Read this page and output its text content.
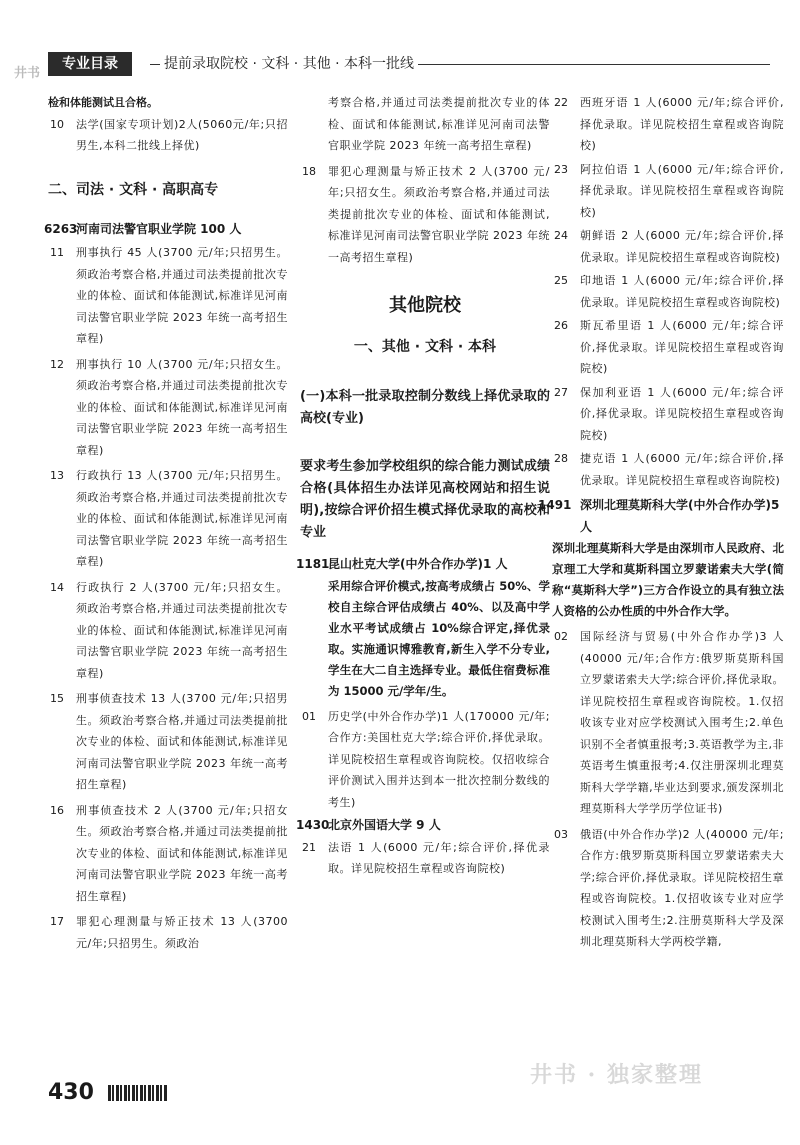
井书
专业目录	提前录取院校 · 文科 · 其他 · 本科一批线
检和体能测试且合格。
10	法学(国家专项计划)2人(5060元/年;只招男生,本科二批线上择优)
二、司法 · 文科 · 高职高专
6263
河南司法警官职业学院 100 人
11	刑事执行 45 人(3700 元/年;只招男生。须政治考察合格,并通过司法类提前批次专业的体检、面试和体能测试,标准详见河南司法警官职业学院 2023 年统一高考招生章程)
12	刑事执行 10 人(3700 元/年;只招女生。须政治考察合格,并通过司法类提前批次专业的体检、面试和体能测试,标准详见河南司法警官职业学院 2023 年统一高考招生章程)
13	行政执行 13 人(3700 元/年;只招男生。须政治考察合格,并通过司法类提前批次专业的体检、面试和体能测试,标准详见河南司法警官职业学院 2023 年统一高考招生章程)
14	行政执行 2 人(3700 元/年;只招女生。须政治考察合格,并通过司法类提前批次专业的体检、面试和体能测试,标准详见河南司法警官职业学院 2023 年统一高考招生章程)
15	刑事侦查技术 13 人(3700 元/年;只招男生。须政治考察合格,并通过司法类提前批次专业的体检、面试和体能测试,标准详见河南司法警官职业学院 2023 年统一高考招生章程)
16	刑事侦查技术 2 人(3700 元/年;只招女生。须政治考察合格,并通过司法类提前批次专业的体检、面试和体能测试,标准详见河南司法警官职业学院 2023 年统一高考招生章程)
17	罪犯心理测量与矫正技术 13 人(3700 元/年;只招男生。须政治
考察合格,并通过司法类提前批次专业的体检、面试和体能测试,标准详见河南司法警官职业学院 2023 年统一高考招生章程)
18	罪犯心理测量与矫正技术 2 人(3700 元/年;只招女生。须政治考察合格,并通过司法类提前批次专业的体检、面试和体能测试,标准详见河南司法警官职业学院 2023 年统一高考招生章程)
其他院校
一、其他 · 文科 · 本科
(一)本科一批录取控制分数线上择优录取的高校(专业)
要求考生参加学校组织的综合能力测试成绩合格(具体招生办法详见高校网站和招生说明),按综合评价招生模式择优录取的高校和专业
1181
昆山杜克大学(中外合作办学)1 人
采用综合评价模式,按高考成绩占 50%、学校自主综合评估成绩占 40%、以及高中学业水平考试成绩占 10%综合评定,择优录取。实施通识博雅教育,新生入学不分专业,学生在大二自主选择专业。最低住宿费标准为 15000 元/学年/生。
01	历史学(中外合作办学)1 人(170000 元/年;合作方:美国杜克大学;综合评价,择优录取。详见院校招生章程或咨询院校。仅招收综合评价测试入围并达到本一批次控制分数线的考生)
1430
北京外国语大学 9 人
21	法语 1 人(6000 元/年;综合评价,择优录取。详见院校招生章程或咨询院校)
22	西班牙语 1 人(6000 元/年;综合评价,择优录取。详见院校招生章程或咨询院校)
23	阿拉伯语 1 人(6000 元/年;综合评价,择优录取。详见院校招生章程或咨询院校)
24	朝鲜语 2 人(6000 元/年;综合评价,择优录取。详见院校招生章程或咨询院校)
25	印地语 1 人(6000 元/年;综合评价,择优录取。详见院校招生章程或咨询院校)
26	斯瓦希里语 1 人(6000 元/年;综合评价,择优录取。详见院校招生章程或咨询院校)
27	保加利亚语 1 人(6000 元/年;综合评价,择优录取。详见院校招生章程或咨询院校)
28	捷克语 1 人(6000 元/年;综合评价,择优录取。详见院校招生章程或咨询院校)
1491 深圳北理莫斯科大学(中外合作办学)5 人
深圳北理莫斯科大学是由深圳市人民政府、北京理工大学和莫斯科国立罗蒙诺索夫大学(简称“莫斯科大学”)三方合作设立的具有独立法人资格的公办性质的中外合作大学。
02	国际经济与贸易(中外合作办学)3 人(40000 元/年;合作方:俄罗斯莫斯科国立罗蒙诺索夫大学;综合评价,择优录取。详见院校招生章程或咨询院校。1.仅招收该专业对应学校测试入围考生;2.单色识别不全者慎重报考;3.英语教学为主,非英语考生慎重报考;4.仅注册深圳北理莫斯科大学学籍,毕业达到要求,颁发深圳北理莫斯科大学学历学位证书)
03	俄语(中外合作办学)2 人(40000 元/年;合作方:俄罗斯莫斯科国立罗蒙诺索夫大学;综合评价,择优录取。详见院校招生章程或咨询院校。1.仅招收该专业对应学校测试入围考生;2.注册莫斯科大学及深圳北理莫斯科大学两校学籍,
井书 · 独家整理
430
